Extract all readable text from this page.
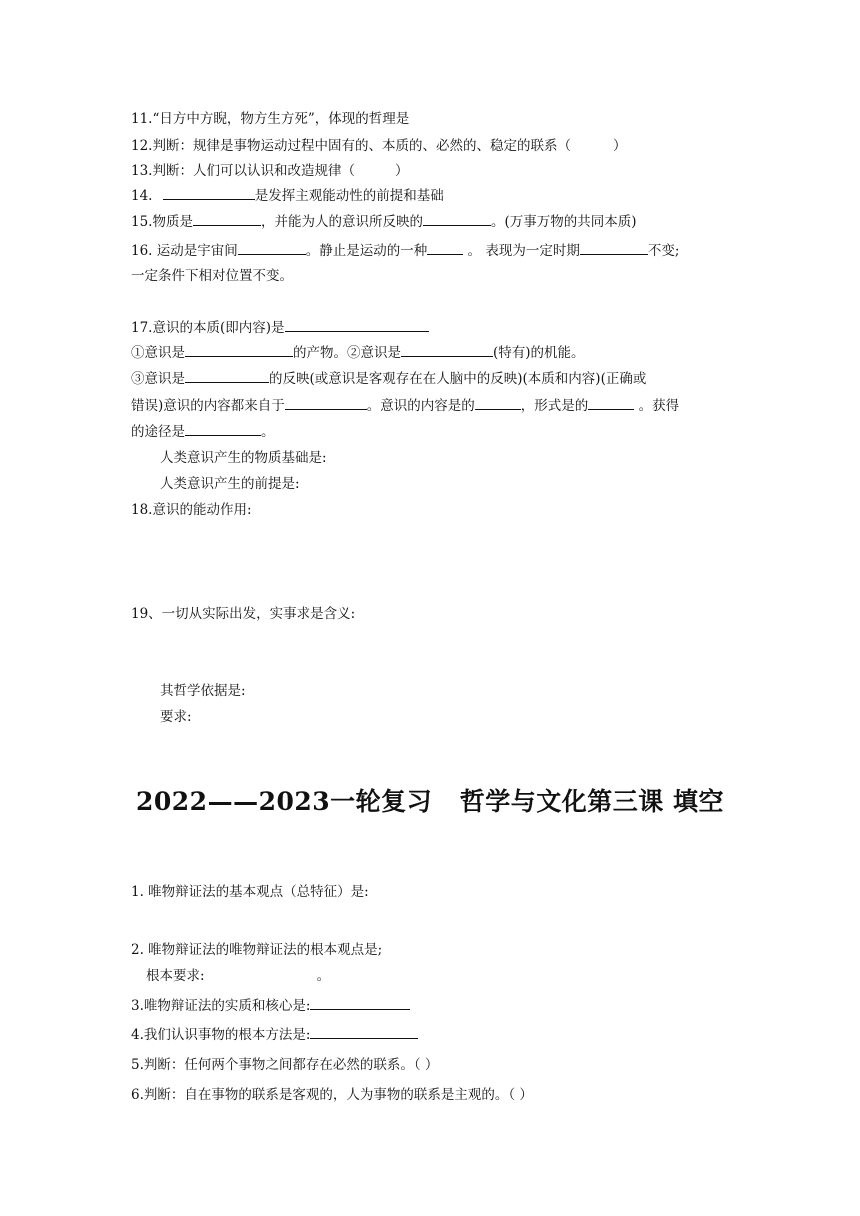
11.“日方中方睨，物方生方死”，体现的哲理是
12.判断：规律是事物运动过程中固有的、本质的、必然的、稳定的联系（	）
13.判断：人们可以认识和改造规律（	）
14.	是发挥主观能动性的前提和基础
15.物质是	，并能为人的意识所反映的	。(万事万物的共同本质)
16. 运动是宇宙间	。静止是运动的一种	。 表现为一定时期	不变;
一定条件下相对位置不变。
17.意识的本质(即内容)是
①意识是	的产物。②意识是	(特有)的机能。
③意识是	的反映(或意识是客观存在在人脑中的反映)(本质和内容)(正确或
错误)意识的内容都来自于	。意识的内容是的	，形式是的	。获得
的途径是	。
人类意识产生的物质基础是:
人类意识产生的前提是:
18.意识的能动作用:
19、一切从实际出发，实事求是含义:
其哲学依据是:
要求:
2022——2023一轮复习   哲学与文化第三课 填空
1. 唯物辩证法的基本观点（总特征）是:
2. 唯物辩证法的唯物辩证法的根本观点是;
根本要求:	。
3.唯物辩证法的实质和核心是:
4.我们认识事物的根本方法是:
5.判断：任何两个事物之间都存在必然的联系。（ ）
6.判断：自在事物的联系是客观的，人为事物的联系是主观的。（ ）
